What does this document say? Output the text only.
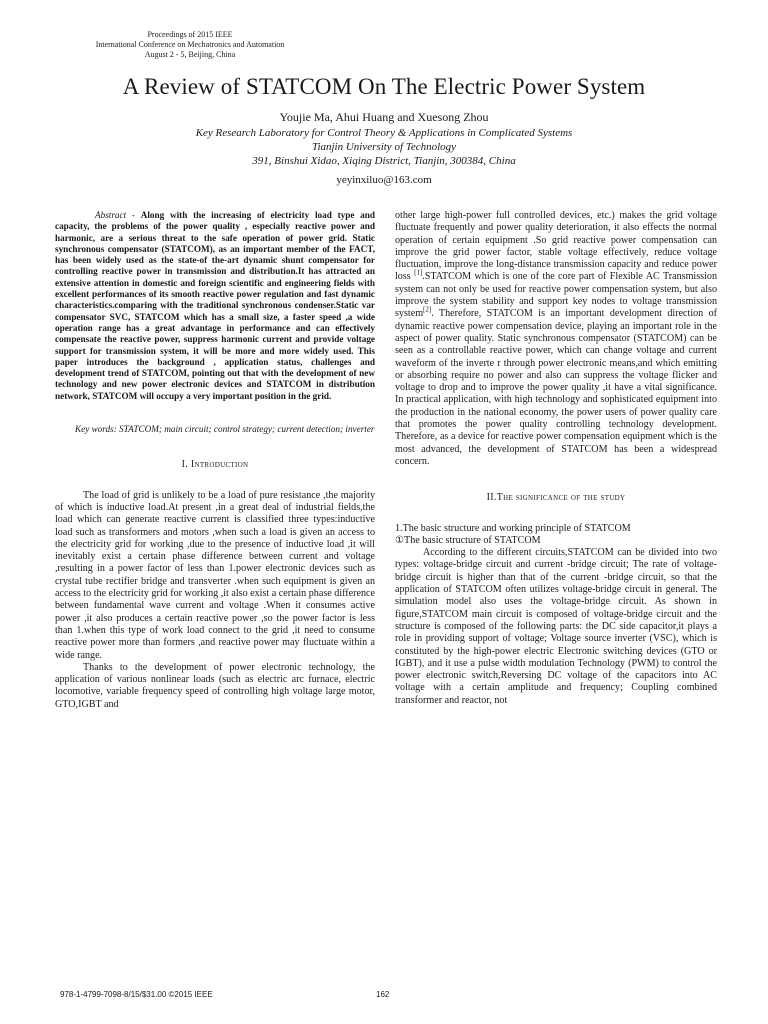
Proceedings of 2015 IEEE
International Conference on Mechatronics and Automation
August 2 - 5, Beijing, China
A Review of STATCOM On The Electric Power System
Youjie Ma, Ahui Huang and Xuesong Zhou
Key Research Laboratory for Control Theory & Applications in Complicated Systems
Tianjin University of Technology
391, Binshui Xidao, Xiqing District, Tianjin, 300384, China
yeyinxiluo@163.com

Abstract - Along with the increasing of electricity load type and capacity, the problems of the power quality , especially reactive power and harmonic, are a serious threat to the safe operation of power grid. Static synchronous compensator (STATCOM), as an important member of the FACT, has been widely used as the state-of the-art dynamic shunt compensator for controlling reactive power in transmission and distribution.It has attracted an extensive attention in domestic and foreign scientific and engineering fields with excellent performances of its smooth reactive power regulation and fast dynamic characteristics.comparing with the traditional synchronous condenser.Static var compensator SVC, STATCOM which has a small size, a faster speed ,a wide operation range has a great advantage in performance and can effectively compensate the reactive power, suppress harmonic current and provide voltage support for transmission system, it will be more and more widely used. This paper introduces the background , application status, challenges and development trend of STATCOM, pointing out that with the development of new technology and new power electronic devices and STATCOM in distribution network, STATCOM will occupy a very important position in the grid.

Key words: STATCOM; main circuit; control strategy; current detection; inverter

I. Introduction

The load of grid is unlikely to be a load of pure resistance ,the majority of which is inductive load.At present ,in a great deal of industrial fields,the load which can generate reactive current is classified three types:inductive load such as transformers and motors ,when such a load is given an access to the electricity grid for working ,due to the presence of inductive load ,it will inevitably exist a certain phase difference between current and voltage ,resulting in a power factor of less than 1.power electronic devices such as crystal tube rectifier bridge and transverter .when such equipment is given an access to the electricity grid for working ,it also exist a certain phase difference between fundamental wave current and voltage .When it consumes active power ,it also produces a certain reactive power ,so the power factor is less than 1.when this type of work load connect to the grid ,it need to consume reactive power more than formers ,and reactive power may fluctuate within a wide range.

Thanks to the development of power electronic technology, the application of various nonlinear loads (such as electric arc furnace, electric locomotive, variable frequency speed of controlling high voltage large motor, GTO,IGBT and

other large high-power full controlled devices, etc.) makes the grid voltage fluctuate frequently and power quality deterioration, it also effects the normal operation of certain equipment .So grid reactive power compensation can improve the grid power factor, stable voltage effectively, reduce voltage fluctuation, improve the long-distance transmission capacity and reduce power loss [1].STATCOM which is one of the core part of Flexible AC Transmission system can not only be used for reactive power compensation system, but also improve the system stability and support key nodes to voltage transmission system[2]. Therefore, STATCOM is an important development direction of dynamic reactive power compensation device, playing an important role in the aspect of power quality. Static synchronous compensator (STATCOM) can be seen as a controllable reactive power, which can change voltage and current waveform of the inverte r through power electronic means,and which emitting or absorbing require no power and also can suppress the voltage flicker and voltage to drop and to improve the power quality ,it have a vital significance. In practical application, with high technology and sophisticated equipment into the production in the national economy, the power users of power quality care that promotes the power quality controlling technology development. Therefore, as a device for reactive power compensation equipment which is the most advanced, the development of STATCOM has been a widespread concern.

II.The significance of the study

1.The basic structure and working principle of STATCOM

①The basic structure of STATCOM

According to the different circuits,STATCOM can be divided into two types: voltage-bridge circuit and current -bridge circuit; The rate of voltage-bridge circuit is higher than that of the current -bridge circuit, so that the application of STATCOM often utilizes voltage-bridge circuit in general. The simulation model also uses the voltage-bridge circuit. As shown in figure,STATCOM main circuit is composed of voltage-bridge circuit and the structure is composed of the following parts: the DC side capacitor,it plays a role in providing support of voltage; Voltage source inverter (VSC), which is constituted by the high-power electric Electronic switching devices (GTO or IGBT), and it use a pulse width modulation Technology (PWM) to control the power electronic switch,Reversing DC voltage of the capacitors into AC voltage with a certain amplitude and frequency; Coupling combined transformer and reactor, not

978-1-4799-7098-8/15/$31.00 ©2015 IEEE	162
